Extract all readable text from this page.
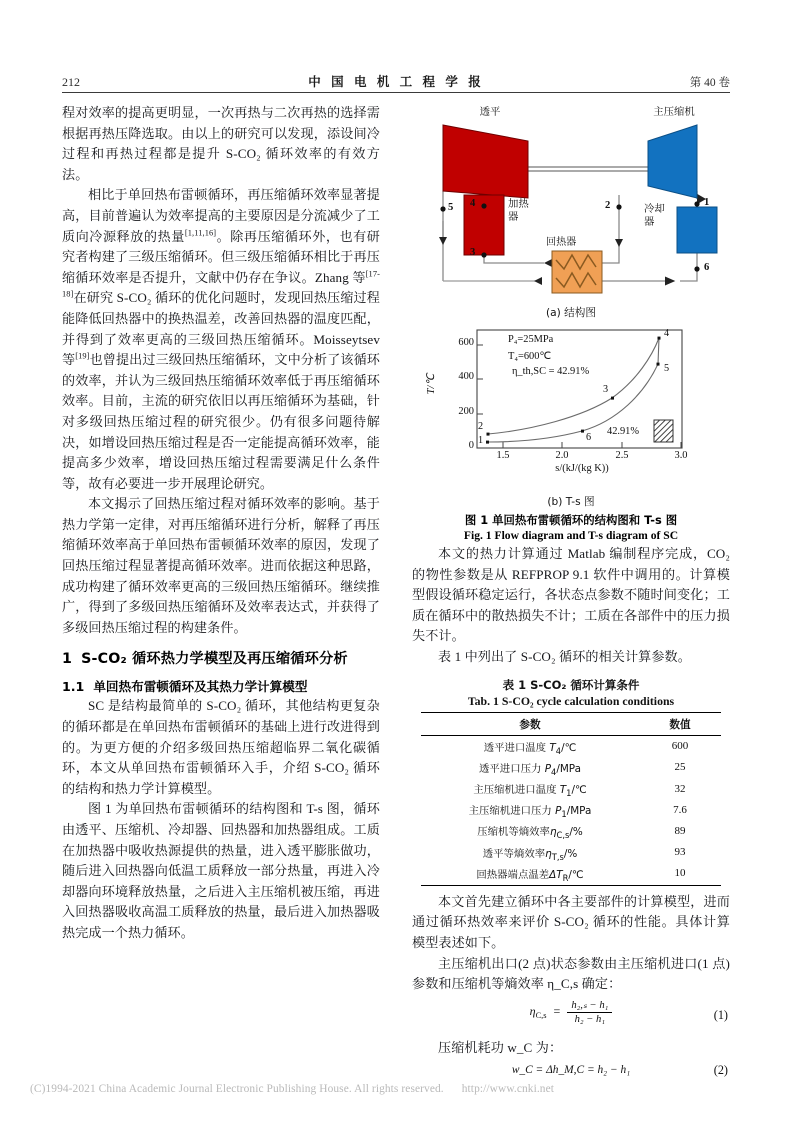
212	中 国 电 机 工 程 学 报	第 40 卷

程对效率的提高更明显，一次再热与二次再热的选择需根据再热压降选取。由以上的研究可以发现，添设间冷过程和再热过程都是提升 S-CO₂ 循环效率的有效方法。

相比于单回热布雷顿循环，再压缩循环效率显著提高，目前普遍认为效率提高的主要原因是分流减少了工质向冷源释放的热量[1,11,16]。除再压缩循环外，也有研究者构建了三级压缩循环。但三级压缩循环相比于再压缩循环效率是否提升，文献中仍存在争议。Zhang 等[17-18]在研究 S-CO₂ 循环的优化问题时，发现回热压缩过程能降低回热器中的换热温差，改善回热器的温度匹配，并得到了效率更高的三级回热压缩循环。Moisseytsev 等[19]也曾提出过三级回热压缩循环，文中分析了该循环的效率，并认为三级回热压缩循环效率低于再压缩循环效率。目前，主流的研究依旧以再压缩循环为基础，针对多级回热压缩过程的研究很少。仍有很多问题待解决，如增设回热压缩过程是否一定能提高循环效率，能提高多少效率，增设回热压缩过程需要满足什么条件等，故有必要进一步开展理论研究。

本文揭示了回热压缩过程对循环效率的影响。基于热力学第一定律，对再压缩循环进行分析，解释了再压缩循环效率高于单回热布雷顿循环效率的原因，发现了回热压缩过程显著提高循环效率。进而依据这种思路，成功构建了循环效率更高的三级回热压缩循环。继续推广，得到了多级回热压缩循环及效率表达式，并获得了多级回热压缩过程的构建条件。

1 S-CO₂ 循环热力学模型及再压缩循环分析
1.1 单回热布雷顿循环及其热力学计算模型

SC 是结构最简单的 S-CO₂ 循环，其他结构更复杂的循环都是在单回热布雷顿循环的基础上进行改进得到的。为更方便的介绍多级回热压缩超临界二氧化碳循环，本文从单回热布雷顿循环入手，介绍 S-CO₂ 循环的结构和热力学计算模型。

图 1 为单回热布雷顿循环的结构图和 T-s 图，循环由透平、压缩机、冷却器、回热器和加热器组成。工质在加热器中吸收热源提供的热量，进入透平膨胀做功，随后进入回热器向低温工质释放一部分热量，再进入冷却器向环境释放热量，之后进入主压缩机被压缩，再进入回热器吸收高温工质释放的热量，最后进入加热器吸热完成一个热力循环。

透平	主压缩机
加热器
冷却器
回热器
5 4
3
2	1
6
(a) 结构图
0
200
400
600
1.5	2.0	2.5	3.0
T/℃
s/(kJ/(kg K))
P₄=25MPa
T₄=600℃
η_th,SC = 42.91%
42.91%
1
2
6
3
4
5
(b) T-s 图
图 1 单回热布雷顿循环的结构图和 T-s 图
Fig. 1 Flow diagram and T-s diagram of SC

本文的热力计算通过 Matlab 编制程序完成，CO₂ 的物性参数是从 REFPROP 9.1 软件中调用的。计算模型假设循环稳定运行，各状态点参数不随时间变化；工质在循环中的散热损失不计；工质在各部件中的压力损失不计。

表 1 中列出了 S-CO₂ 循环的相关计算参数。

表 1 S-CO₂ 循环计算条件
Tab. 1 S-CO₂ cycle calculation conditions
参数	数值
透平进口温度 $T_4/℃$	600
透平进口压力 $P_4$/MPa	25
主压缩机进口温度 $T_1/℃$	32
主压缩机进口压力 $P_1$/MPa	7.6
压缩机等熵效率$\eta_{C,s}/\%$	89
透平等熵效率$\eta_{T,s}/\%$	93
回热器端点温差$\Delta T_R/℃$	10

本文首先建立循环中各主要部件的计算模型，进而通过循环热效率来评价 S-CO₂ 循环的性能。具体计算模型表述如下。

主压缩机出口(2 点)状态参数由主压缩机进口(1 点)参数和压缩机等熵效率 η_C,s 确定：

$\eta_{C,s} = \frac{\text{h₂,ₛ − h₁}}{\text{h₂ − h₁}}$	(1)

压缩机耗功 w_C 为：

w_C = Δh_M,C = h₂ − h₁	(2)
(C)1994-2021 China Academic Journal Electronic Publishing House. All rights reserved. http://www.cnki.net
